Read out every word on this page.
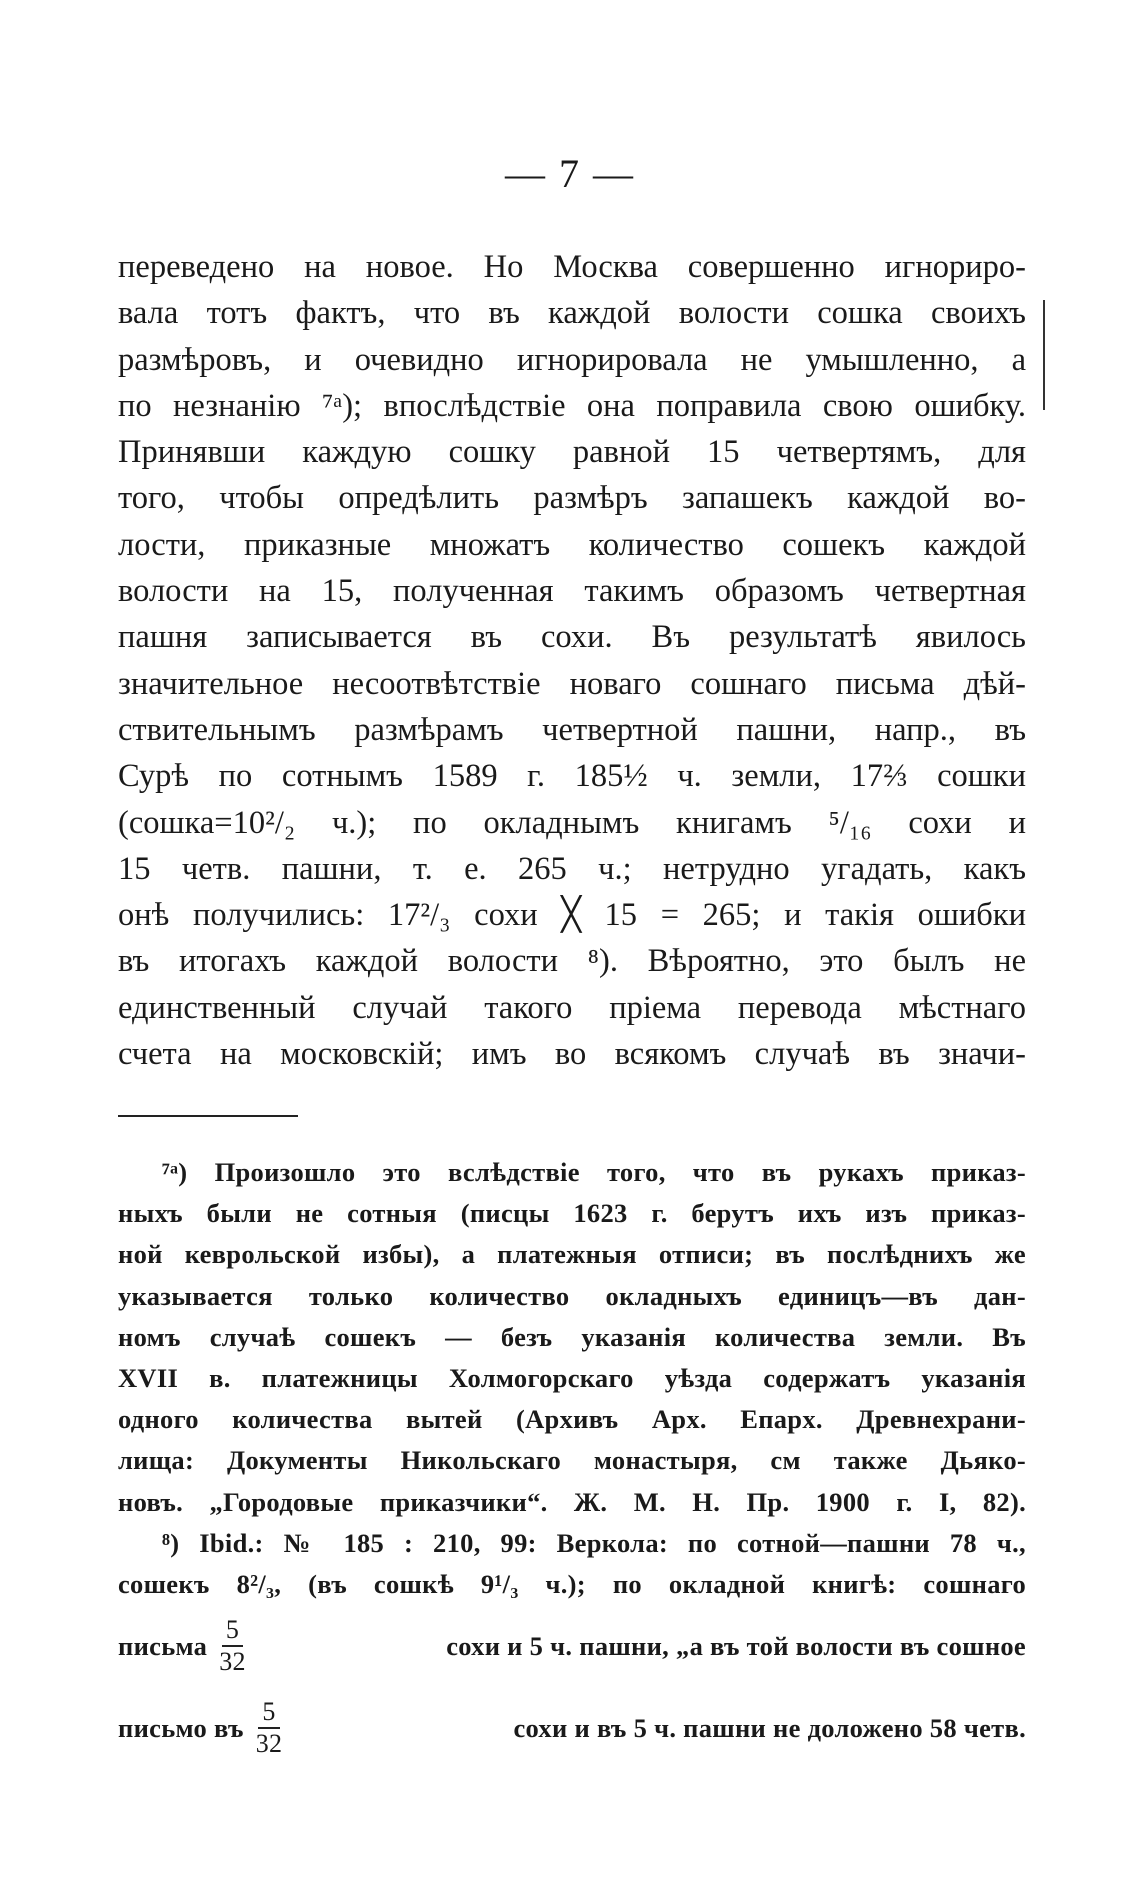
— 7 —
переведено на новое. Но Москва совершенно игнориро-
вала тотъ фактъ, что въ каждой волости сошка своихъ
размѣровъ, и очевидно игнорировала не умышленно, а
по незнанію ⁷ᵃ); впослѣдствіе она поправила свою ошибку.
Принявши каждую сошку равной 15 четвертямъ, для
того, чтобы опредѣлить размѣръ запашекъ каждой во-
лости, приказные множатъ количество сошекъ каждой
волости на 15, полученная такимъ образомъ четвертная
пашня записывается въ сохи. Въ результатѣ явилось
значительное несоотвѣтствіе новаго сошнаго письма дѣй-
ствительнымъ размѣрамъ четвертной пашни, напр., въ
Сурѣ по сотнымъ 1589 г. 185½ ч. земли, 17⅔ сошки
(сошка=10²/₂ ч.); по окладнымъ книгамъ ⁵/₁₆ сохи и
15 четв. пашни, т. е. 265 ч.; нетрудно угадать, какъ
онѣ получились: 17²/₃ сохи ╳ 15 = 265; и такія ошибки
въ итогахъ каждой волости ⁸). Вѣроятно, это былъ не
единственный случай такого пріема перевода мѣстнаго
счета на московскій; имъ во всякомъ случаѣ въ значи-
⁷ᵃ) Произошло это вслѣдствіе того, что въ рукахъ приказ-
ныхъ были не сотныя (писцы 1623 г. берутъ ихъ изъ приказ-
ной кеврольской избы), а платежныя отписи; въ послѣднихъ же
указывается только количество окладныхъ единицъ—въ дан-
номъ случаѣ сошекъ — безъ указанія количества земли. Въ
XVII в. платежницы Холмогорскаго уѣзда содержатъ указанія
одного количества вытей (Архивъ Арх. Епарх. Древнехрани-
лища: Документы Никольскаго монастыря, см также Дьяко-
новъ. „Городовые приказчики“. Ж. М. Н. Пр. 1900 г. I, 82).
⁸) Ibid.: № 185 : 210, 99: Веркола: по сотной—пашни 78 ч.,
сошекъ 8²/₃, (въ сошкѣ 9¹/₃ ч.); по окладной книгѣ: сошнаго
письма $\frac{5}{32}$	сохи и 5 ч. пашни, „а въ той волости въ сошное
письмо въ $\frac{5}{32}$	сохи и въ 5 ч. пашни не доложено 58 четв.
